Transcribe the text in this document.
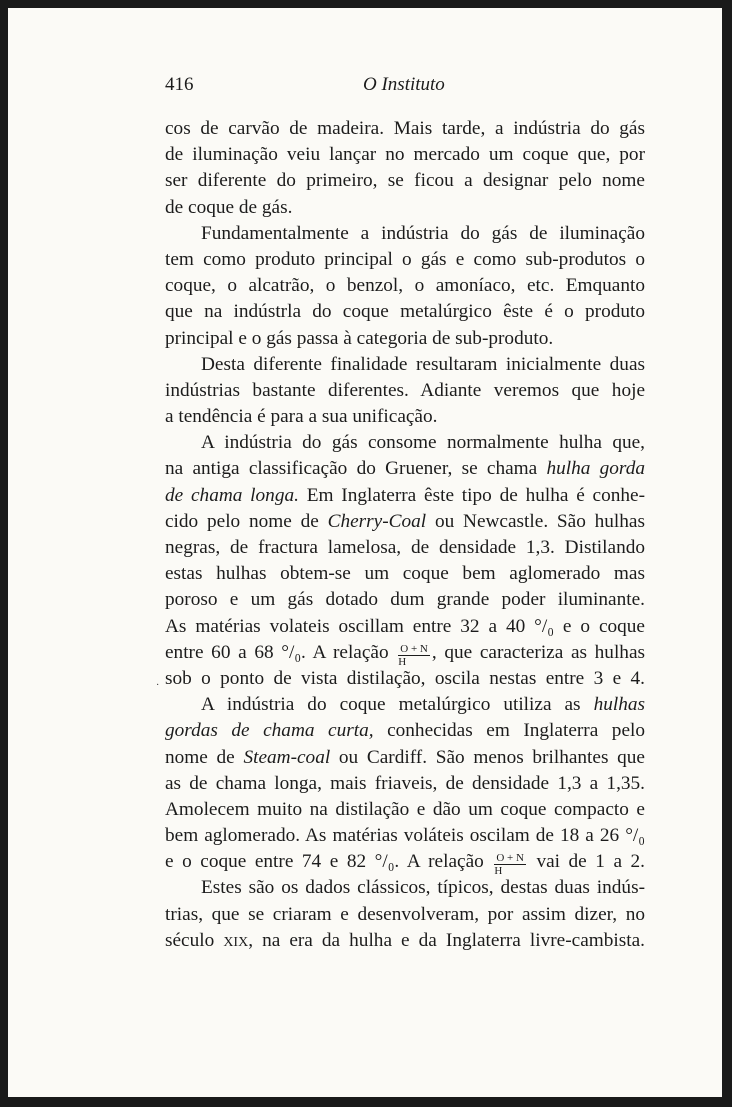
416	O Instituto
·
cos de carvão de madeira. Mais tarde, a indústria do gás
de iluminação veiu lançar no mercado um coque que, por
ser diferente do primeiro, se ficou a designar pelo nome
de coque de gás.
Fundamentalmente a indústria do gás de iluminação
tem como produto principal o gás e como sub-produtos o
coque, o alcatrão, o benzol, o amoníaco, etc. Emquanto
que na indústrla do coque metalúrgico êste é o produto
principal e o gás passa à categoria de sub-produto.
Desta diferente finalidade resultaram inicialmente duas
indústrias bastante diferentes. Adiante veremos que hoje
a tendência é para a sua unificação.
A indústria do gás consome normalmente hulha que,
na antiga classificação do Gruener, se chama hulha gorda
de chama longa. Em Inglaterra êste tipo de hulha é conhe-
cido pelo nome de Cherry-Coal ou Newcastle. São hulhas
negras, de fractura lamelosa, de densidade 1,3. Distilando
estas hulhas obtem-se um coque bem aglomerado mas
poroso e um gás dotado dum grande poder iluminante.
As matérias volateis oscillam entre 32 a 40 °/₀ e o coque
entre 60 a 68 °/₀. A relação $\frac{O + N}{H}$ , que caracteriza as hulhas
sob o ponto de vista distilação, oscila nestas entre 3 e 4.
A indústria do coque metalúrgico utiliza as hulhas
gordas de chama curta, conhecidas em Inglaterra pelo
nome de Steam-coal ou Cardiff. São menos brilhantes que
as de chama longa, mais friaveis, de densidade 1,3 a 1,35.
Amolecem muito na distilação e dão um coque compacto e
bem aglomerado. As matérias voláteis oscilam de 18 a 26 °/₀
e o coque entre 74 e 82 °/₀. A relação $\frac{O + N}{H}$ vai de 1 a 2.
Estes são os dados clássicos, típicos, destas duas indús-
trias, que se criaram e desenvolveram, por assim dizer, no
século xix, na era da hulha e da Inglaterra livre-cambista.
